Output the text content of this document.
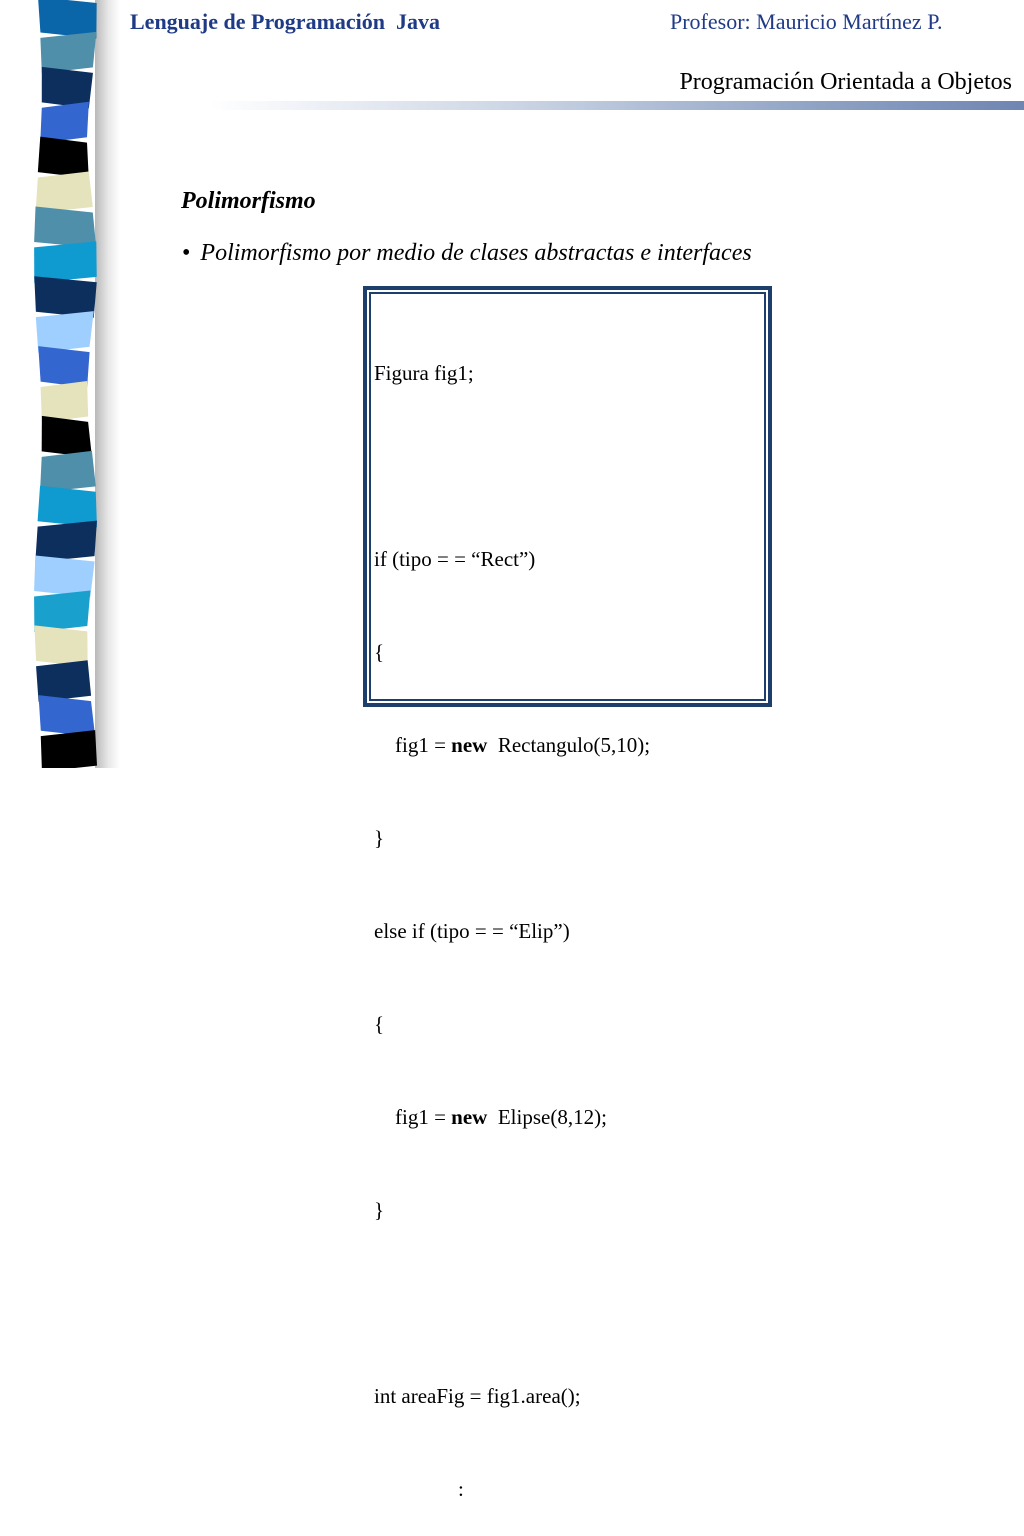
Lenguaje de Programación  Java	Profesor: Mauricio Martínez P.
Programación Orientada a Objetos
Polimorfismo
• Polimorfismo por medio de clases abstractas e interfaces

Figura fig1;

if (tipo = = “Rect”)

{

fig1 = new  Rectangulo(5,10);

}

else if (tipo = = “Elip”)

{

fig1 = new  Elipse(8,12);

}

int areaFig = fig1.area();

:
